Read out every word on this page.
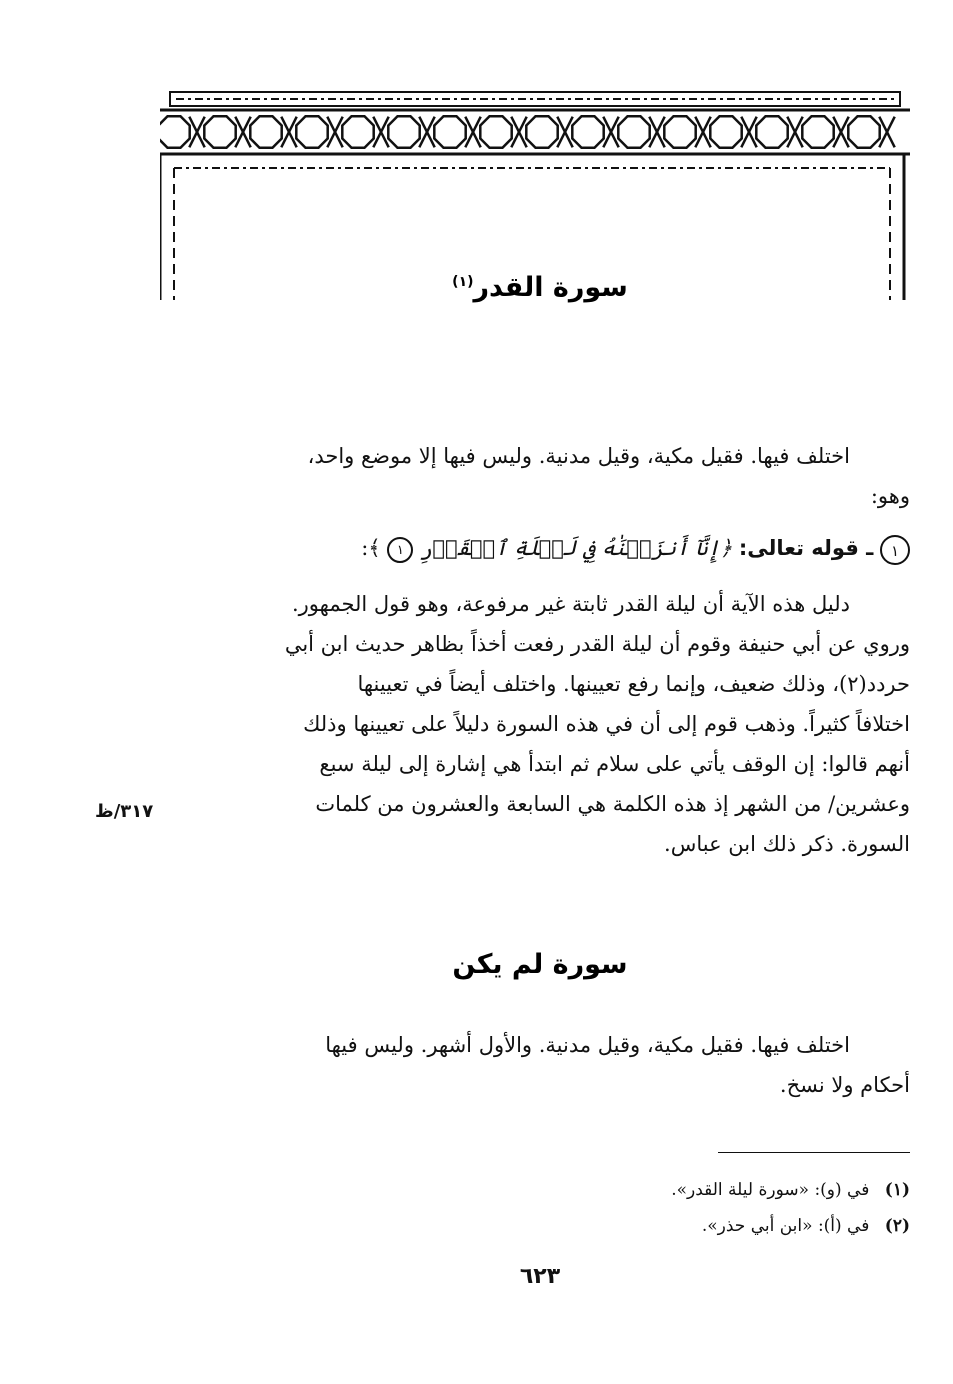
سورة القدر$^{(١)}$
اختلف فيها. فقيل مكية، وقيل مدنية. وليس فيها إلا موضع واحد،
وهو:
١ ـ قوله تعالى: ﴿إِنَّآ أَنزَلۡنَٰهُ فِي لَيۡلَةِ ٱلۡقَدۡرِ ١ ﴾:
دليل هذه الآية أن ليلة القدر ثابتة غير مرفوعة، وهو قول الجمهور.
وروي عن أبي حنيفة وقوم أن ليلة القدر رفعت أخذاً بظاهر حديث ابن أبي
حردد(٢)، وذلك ضعيف، وإنما رفع تعيينها. واختلف أيضاً في تعيينها
اختلافاً كثيراً. وذهب قوم إلى أن في هذه السورة دليلاً على تعيينها وذلك
أنهم قالوا: إن الوقف يأتي على سلام ثم ابتدأ هي إشارة إلى ليلة سبع
وعشرين/ من الشهر إذ هذه الكلمة هي السابعة والعشرون من كلمات
السورة. ذكر ذلك ابن عباس.
٣١٧/ظ
سورة لم يكن
اختلف فيها. فقيل مكية، وقيل مدنية. والأول أشهر. وليس فيها
أحكام ولا نسخ.
(١) في (و): «سورة ليلة القدر».
(٢) في (أ): «ابن أبي حذر».
٦٢٣
